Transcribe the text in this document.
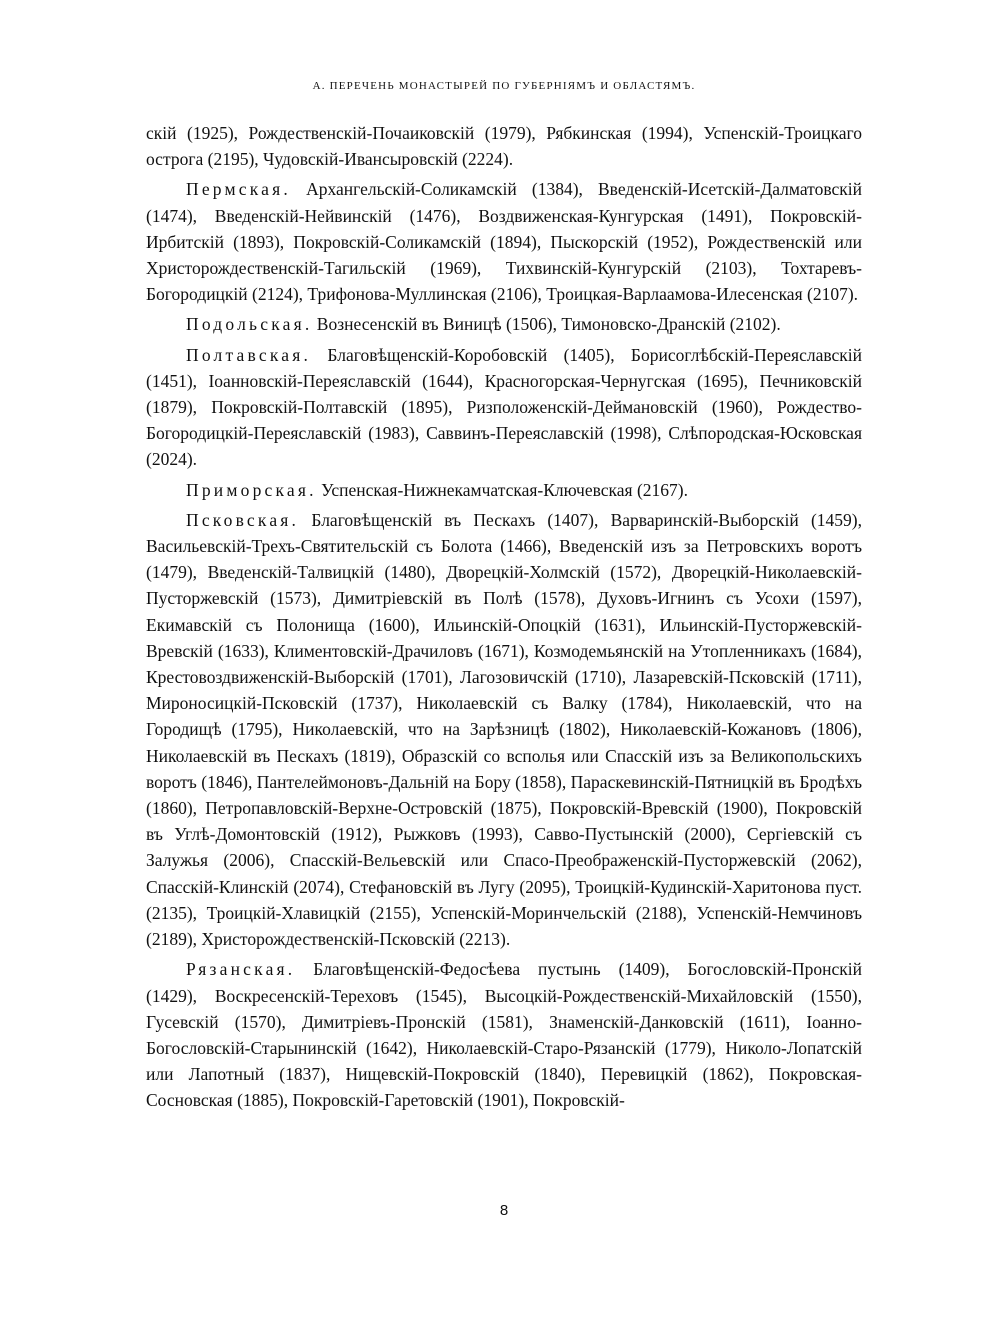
А. ПЕРЕЧЕНЬ МОНАСТЫРЕЙ ПО ГУБЕРНІЯМЪ И ОБЛАСТЯМЪ.

скій (1925), Рождественскій-Почаиковскій (1979), Рябкинская (1994), Успенскій-Троицкаго острога (2195), Чудовскій-Ивансыровскій (2224).

Пермская. Архангельскій-Соликамскій (1384), Введенскій-Исетскій-Далматовскій (1474), Введенскій-Нейвинскій (1476), Воздвиженская-Кунгурская (1491), Покровскій-Ирбитскій (1893), Покровскій-Соликамскій (1894), Пыскорскій (1952), Рождественскій или Христорождественскій-Тагильскій (1969), Тихвинскій-Кунгурскій (2103), Тохтаревъ-Богородицкій (2124), Трифонова-Муллинская (2106), Троицкая-Варлаамова-Илесенская (2107).

Подольская. Вознесенскій въ Виницѣ (1506), Тимоновско-Дранскій (2102).

Полтавская. Благовѣщенскій-Коробовскій (1405), Борисоглѣбскій-Переяславскій (1451), Іоанновскій-Переяславскій (1644), Красногорская-Чернугская (1695), Печниковскій (1879), Покровскій-Полтавскій (1895), Ризположенскій-Деймановскій (1960), Рождество-Богородицкій-Переяславскій (1983), Саввинъ-Переяславскій (1998), Слѣпородская-Юсковская (2024).

Приморская. Успенская-Нижнекамчатская-Ключевская (2167).

Псковская. Благовѣщенскій въ Пескахъ (1407), Варваринскій-Выборскій (1459), Васильевскій-Трехъ-Святительскій съ Болота (1466), Введенскій изъ за Петровскихъ воротъ (1479), Введенскій-Талвицкій (1480), Дворецкій-Холмскій (1572), Дворецкій-Николаевскій-Пусторжевскій (1573), Димитріевскій въ Полѣ (1578), Духовъ-Игнинъ съ Усохи (1597), Екимавскій съ Полонища (1600), Ильинскій-Опоцкій (1631), Ильинскій-Пусторжевскій-Вревскій (1633), Климентовскій-Драчиловъ (1671), Козмодемьянскій на Утопленникахъ (1684), Крестовоздвиженскій-Выборскій (1701), Лагозовичскій (1710), Лазаревскій-Псковскій (1711), Мироносицкій-Псковскій (1737), Николаевскій съ Валку (1784), Николаевскій, что на Городищѣ (1795), Николаевскій, что на Зарѣзницѣ (1802), Николаевскій-Кожановъ (1806), Николаевскій въ Пескахъ (1819), Образскій со всполья или Спасскій изъ за Великопольскихъ воротъ (1846), Пантелеймоновъ-Дальній на Бору (1858), Параскевинскій-Пятницкій въ Бродѣхъ (1860), Петропавловскій-Верхне-Островскій (1875), Покровскій-Вревскій (1900), Покровскій въ Углѣ-Домонтовскій (1912), Рыжковъ (1993), Савво-Пустынскій (2000), Сергіевскій съ Залужья (2006), Спасскій-Вельевскій или Спасо-Преображенскій-Пусторжевскій (2062), Спасскій-Клинскій (2074), Стефановскій въ Лугу (2095), Троицкій-Кудинскій-Харитонова пуст. (2135), Троицкій-Хлавицкій (2155), Успенскій-Моринчельскій (2188), Успенскій-Немчиновъ (2189), Христорождественскій-Псковскій (2213).

Рязанская. Благовѣщенскій-Федосѣева пустынь (1409), Богословскій-Пронскій (1429), Воскресенскій-Тереховъ (1545), Высоцкій-Рождественскій-Михайловскій (1550), Гусевскій (1570), Димитріевъ-Пронскій (1581), Знаменскій-Данковскій (1611), Іоанно-Богословскій-Старынинскій (1642), Николаевскій-Старо-Рязанскій (1779), Николо-Лопатскій или Лапотный (1837), Нищевскій-Покровскій (1840), Перевицкій (1862), Покровская-Сосновская (1885), Покровскій-Гаретовскій (1901), Покровскій-

8
